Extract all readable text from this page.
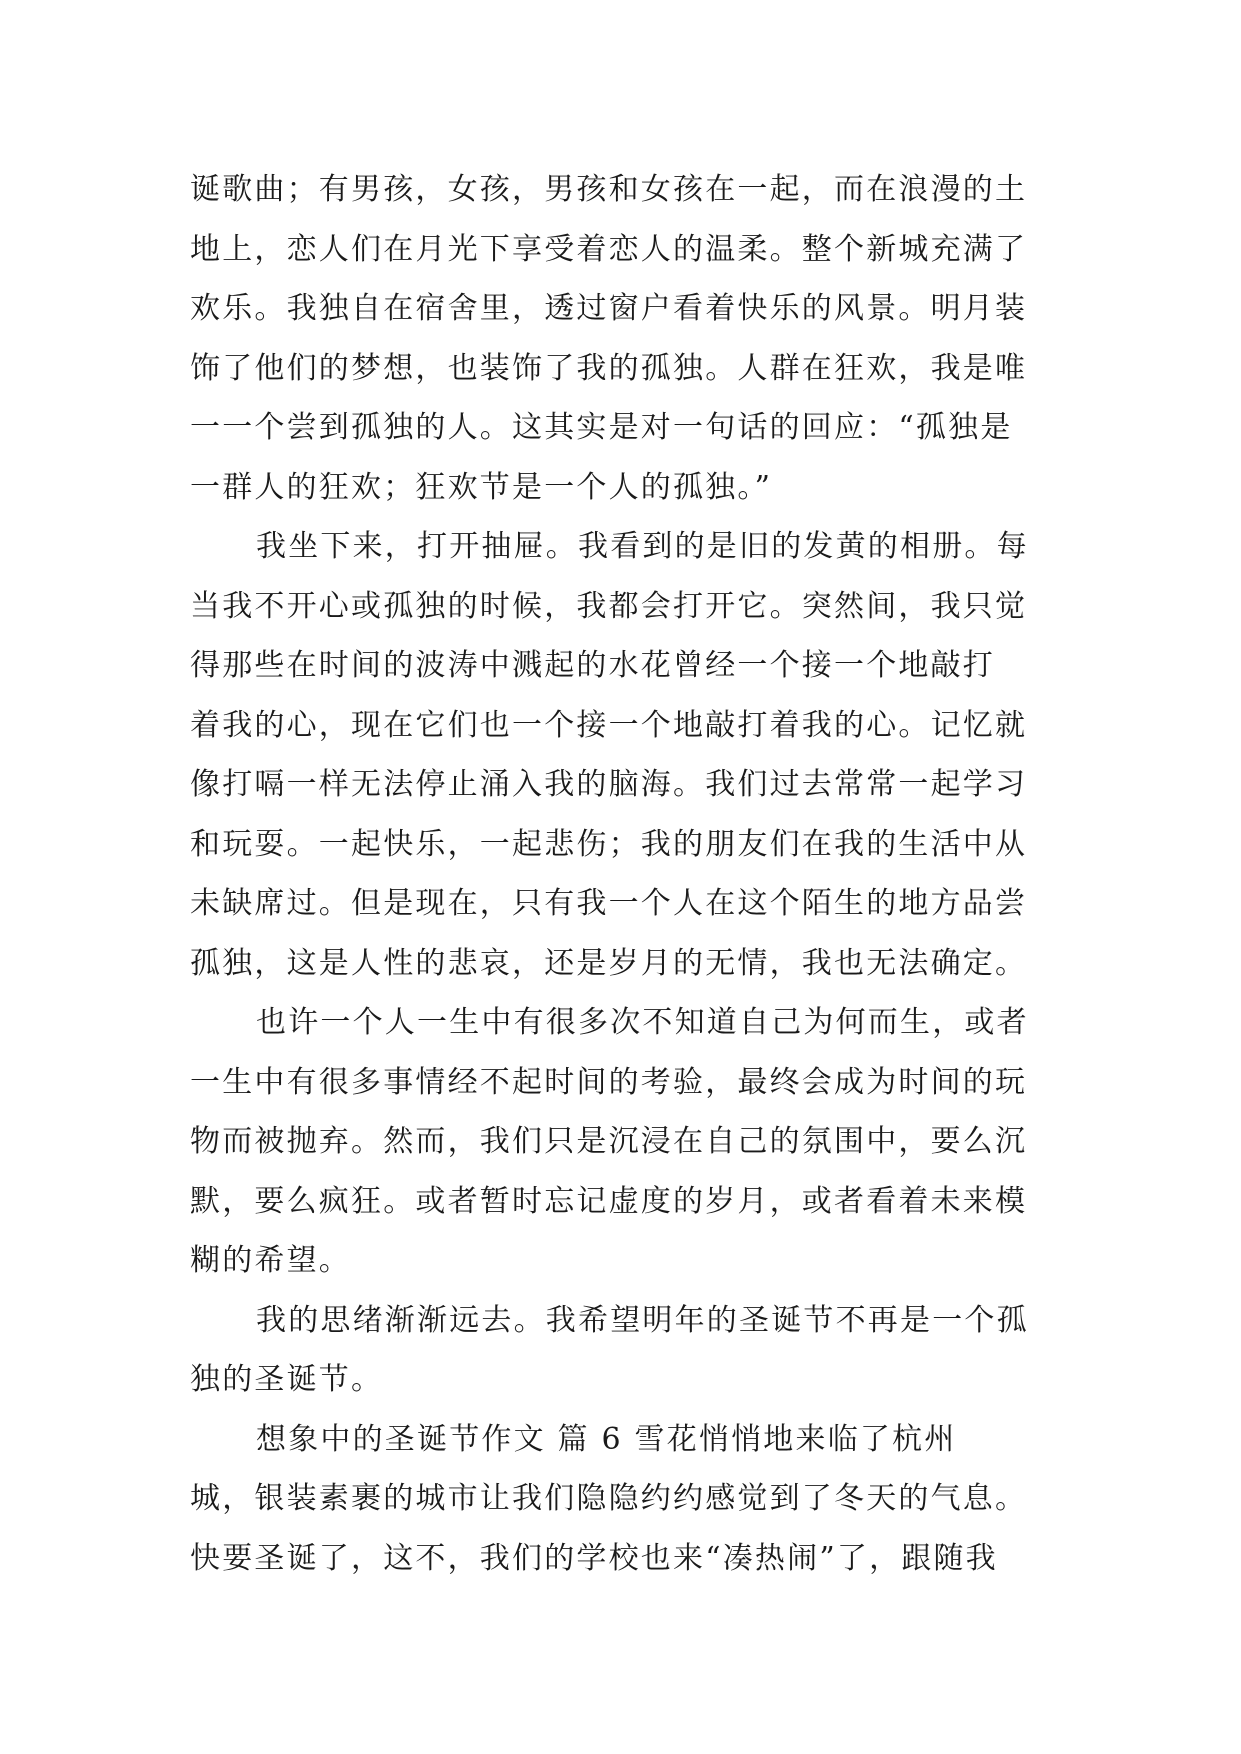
诞歌曲；有男孩，女孩，男孩和女孩在一起，而在浪漫的土
地上，恋人们在月光下享受着恋人的温柔。整个新城充满了
欢乐。我独自在宿舍里，透过窗户看着快乐的风景。明月装
饰了他们的梦想，也装饰了我的孤独。人群在狂欢，我是唯
一一个尝到孤独的人。这其实是对一句话的回应：“孤独是
一群人的狂欢；狂欢节是一个人的孤独。”
我坐下来，打开抽屉。我看到的是旧的发黄的相册。每
当我不开心或孤独的时候，我都会打开它。突然间，我只觉
得那些在时间的波涛中溅起的水花曾经一个接一个地敲打
着我的心，现在它们也一个接一个地敲打着我的心。记忆就
像打嗝一样无法停止涌入我的脑海。我们过去常常一起学习
和玩耍。一起快乐，一起悲伤；我的朋友们在我的生活中从
未缺席过。但是现在，只有我一个人在这个陌生的地方品尝
孤独，这是人性的悲哀，还是岁月的无情，我也无法确定。
也许一个人一生中有很多次不知道自己为何而生，或者
一生中有很多事情经不起时间的考验，最终会成为时间的玩
物而被抛弃。然而，我们只是沉浸在自己的氛围中，要么沉
默，要么疯狂。或者暂时忘记虚度的岁月，或者看着未来模
糊的希望。
我的思绪渐渐远去。我希望明年的圣诞节不再是一个孤
独的圣诞节。
想象中的圣诞节作文 篇 6 雪花悄悄地来临了杭州
城，银装素裹的城市让我们隐隐约约感觉到了冬天的气息。
快要圣诞了，这不，我们的学校也来“凑热闹”了，跟随我
